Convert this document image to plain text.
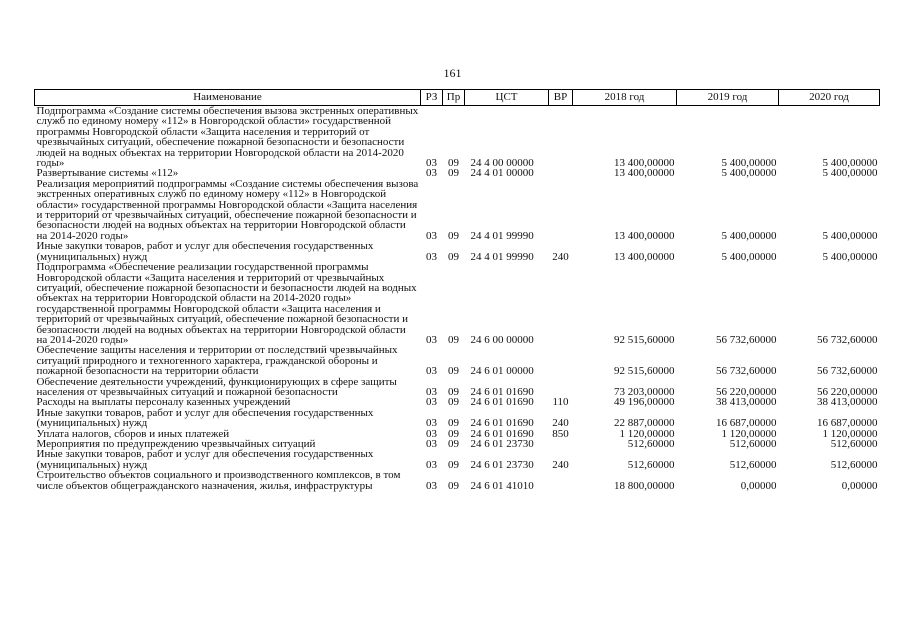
161
Наименование	РЗ	Пр	ЦСТ	ВР	2018 год	2019 год	2020 год
Подпрограмма «Создание системы обеспечения вызова экстренных оперативных служб по единому номеру «112» в Новгородской области» государственной программы Новгородской области «Защита населения и территорий от чрезвычайных ситуаций, обеспечение пожарной безопасности и безопасности людей на водных объектах на территории Новгородской области на 2014-2020 годы»	03	09	24 4 00 00000		13 400,00000	5 400,00000	5 400,00000
Развертывание системы «112»	03	09	24 4 01 00000		13 400,00000	5 400,00000	5 400,00000
Реализация мероприятий подпрограммы «Создание системы обеспечения вызова экстренных оперативных служб по единому номеру «112» в Новгородской области» государственной программы Новгородской области «Защита населения и территорий от чрезвычайных ситуаций, обеспечение пожарной безопасности и безопасности людей на водных объектах на территории Новгородской области на 2014-2020 годы»	03	09	24 4 01 99990		13 400,00000	5 400,00000	5 400,00000
Иные закупки товаров, работ и услуг для обеспечения государственных (муниципальных) нужд	03	09	24 4 01 99990	240	13 400,00000	5 400,00000	5 400,00000
Подпрограмма «Обеспечение реализации государственной программы Новгородской области «Защита населения и территорий от чрезвычайных ситуаций, обеспечение пожарной безопасности и безопасности людей на водных объектах на территории Новгородской области на 2014-2020 годы» государственной программы Новгородской области «Защита населения и территорий от чрезвычайных ситуаций, обеспечение пожарной безопасности и безопасности людей на водных объектах на территории Новгородской области на 2014-2020 годы»	03	09	24 6 00 00000		92 515,60000	56 732,60000	56 732,60000
Обеспечение защиты населения и территории от последствий чрезвычайных ситуаций природного и техногенного характера, гражданской обороны и пожарной безопасности на территории области	03	09	24 6 01 00000		92 515,60000	56 732,60000	56 732,60000
Обеспечение деятельности учреждений, функционирующих в сфере защиты населения от чрезвычайных ситуаций и пожарной безопасности	03	09	24 6 01 01690		73 203,00000	56 220,00000	56 220,00000
Расходы на выплаты персоналу казенных учреждений	03	09	24 6 01 01690	110	49 196,00000	38 413,00000	38 413,00000
Иные закупки товаров, работ и услуг для обеспечения государственных (муниципальных) нужд	03	09	24 6 01 01690	240	22 887,00000	16 687,00000	16 687,00000
Уплата налогов, сборов и иных платежей	03	09	24 6 01 01690	850	1 120,00000	1 120,00000	1 120,00000
Мероприятия по предупреждению чрезвычайных ситуаций	03	09	24 6 01 23730		512,60000	512,60000	512,60000
Иные закупки товаров, работ и услуг для обеспечения государственных (муниципальных) нужд	03	09	24 6 01 23730	240	512,60000	512,60000	512,60000
Строительство объектов социального и производственного комплексов, в том числе объектов общегражданского назначения, жилья, инфраструктуры	03	09	24 6 01 41010		18 800,00000	0,00000	0,00000
